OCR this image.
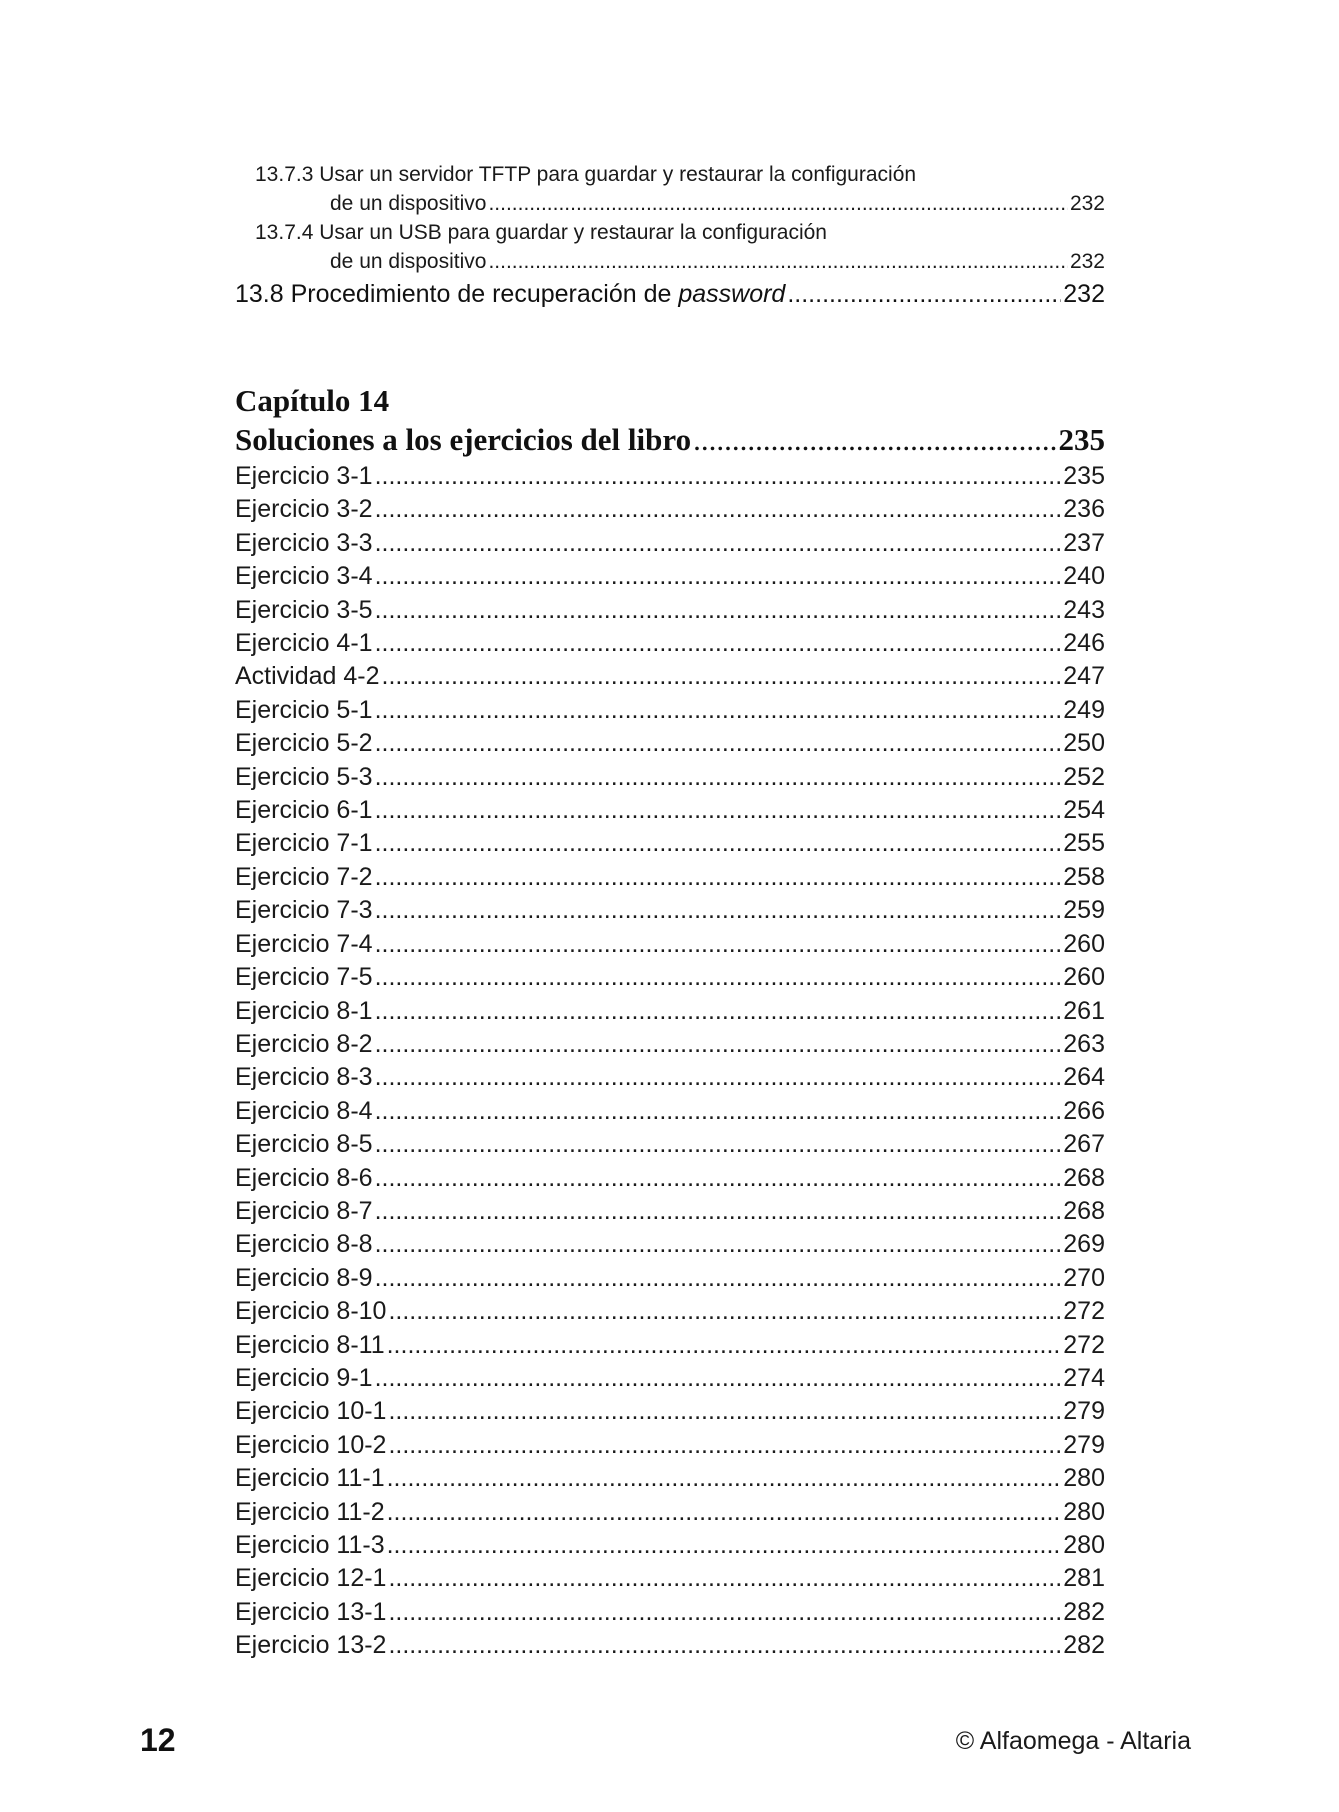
13.7.3 Usar un servidor TFTP para guardar y restaurar la configuración
de un dispositivo .....	232
13.7.4 Usar un USB para guardar y restaurar la configuración
de un dispositivo .....	232
13.8 Procedimiento de recuperación de password .....	232
Capítulo 14
Soluciones a los ejercicios del libro .....	235
Ejercicio 3-1 .....	235
Ejercicio 3-2 .....	236
Ejercicio 3-3 .....	237
Ejercicio 3-4 .....	240
Ejercicio 3-5 .....	243
Ejercicio 4-1 .....	246
Actividad 4-2 .....	247
Ejercicio 5-1 .....	249
Ejercicio 5-2 .....	250
Ejercicio 5-3 .....	252
Ejercicio 6-1 .....	254
Ejercicio 7-1 .....	255
Ejercicio 7-2 .....	258
Ejercicio 7-3 .....	259
Ejercicio 7-4 .....	260
Ejercicio 7-5 .....	260
Ejercicio 8-1 .....	261
Ejercicio 8-2 .....	263
Ejercicio 8-3 .....	264
Ejercicio 8-4 .....	266
Ejercicio 8-5 .....	267
Ejercicio 8-6 .....	268
Ejercicio 8-7 .....	268
Ejercicio 8-8 .....	269
Ejercicio 8-9 .....	270
Ejercicio 8-10 .....	272
Ejercicio 8-11 .....	272
Ejercicio 9-1 .....	274
Ejercicio 10-1 .....	279
Ejercicio 10-2 .....	279
Ejercicio 11-1 .....	280
Ejercicio 11-2 .....	280
Ejercicio 11-3 .....	280
Ejercicio 12-1 .....	281
Ejercicio 13-1 .....	282
Ejercicio 13-2 .....	282
12	© Alfaomega - Altaria
